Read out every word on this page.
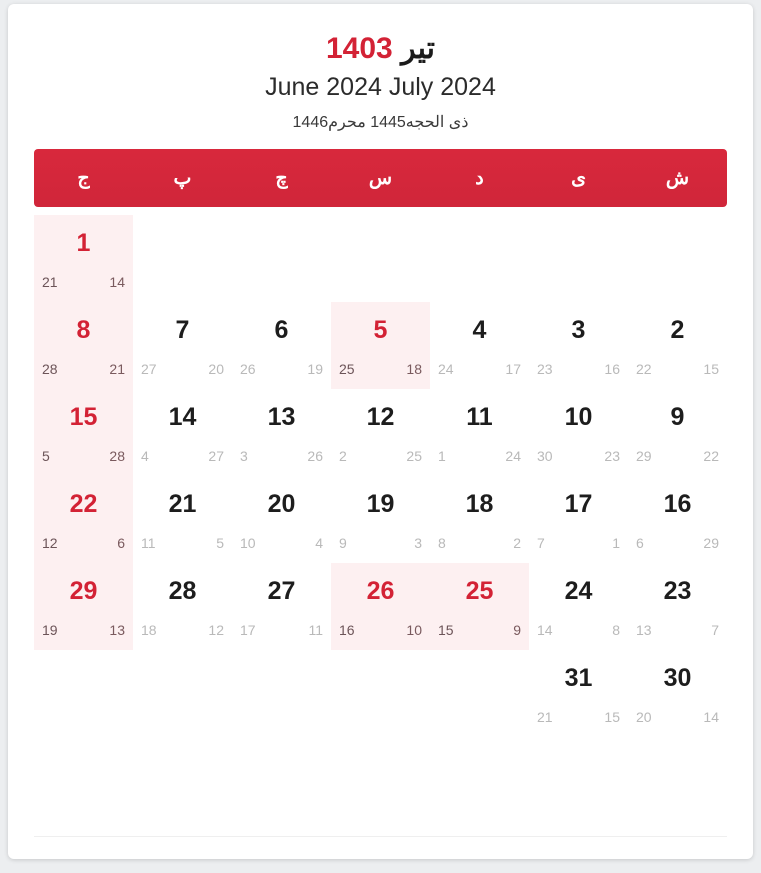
تیر 1403
June 2024 July 2024
ذی الحجه1445 محرم1446
ش
ی
د
س
چ
پ
ج
1
14
21
2
15
22
3
16
23
4
17
24
5
18
25
6
19
26
7
20
27
8
21
28
9
22
29
10
23
30
11
24
1
12
25
2
13
26
3
14
27
4
15
28
5
16
29
6
17
1
7
18
2
8
19
3
9
20
4
10
21
5
11
22
6
12
23
7
13
24
8
14
25
9
15
26
10
16
27
11
17
28
12
18
29
13
19
30
14
20
31
15
21
